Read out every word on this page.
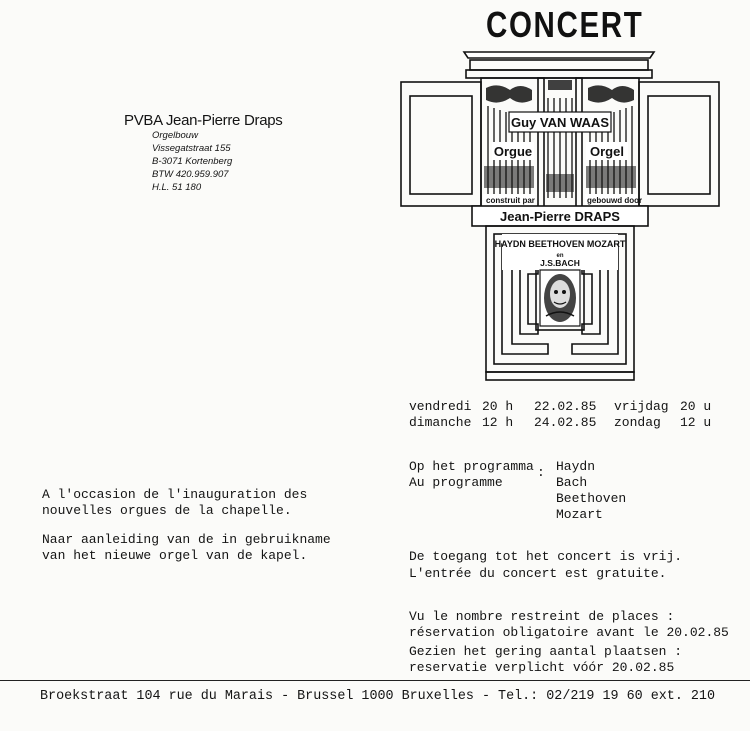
CONCERT
PVBA Jean-Pierre Draps
Orgelbouw
Vissegatstraat 155
B-3071 Kortenberg
BTW 420.959.907
H.L. 51 180
Guy VAN WAAS
Orgue	Orgel
construit par	gebouwd door
Jean-Pierre DRAPS
HAYDN BEETHOVEN MOZART
en
J.S.BACH
vendredi 20 h 22.02.85 vrijdag 20 u
dimanche 12 h 24.02.85 zondag 12 u
Op het programma
Au programme
: Haydn
Bach
Beethoven
Mozart
A l'occasion de l'inauguration des
nouvelles orgues de la chapelle.
Naar aanleiding van de in gebruikname
van het nieuwe orgel van de kapel.	De toegang tot het concert is vrij.
L'entrée du concert est gratuite.
Vu le nombre restreint de places :
réservation obligatoire avant le 20.02.85
Gezien het gering aantal plaatsen :
reservatie verplicht vóór 20.02.85
Broekstraat 104 rue du Marais - Brussel 1000 Bruxelles - Tel.: 02/219 19 60 ext. 210
